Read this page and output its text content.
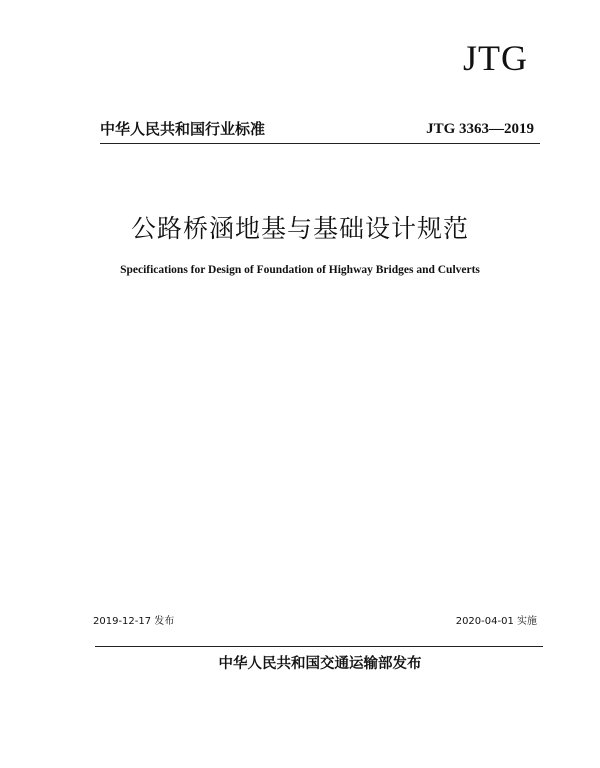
JTG
中华人民共和国行业标准	JTG 3363—2019
公路桥涵地基与基础设计规范
Specifications for Design of Foundation of Highway Bridges and Culverts
2019-12-17 发布	2020-04-01 实施
中华人民共和国交通运输部发布
